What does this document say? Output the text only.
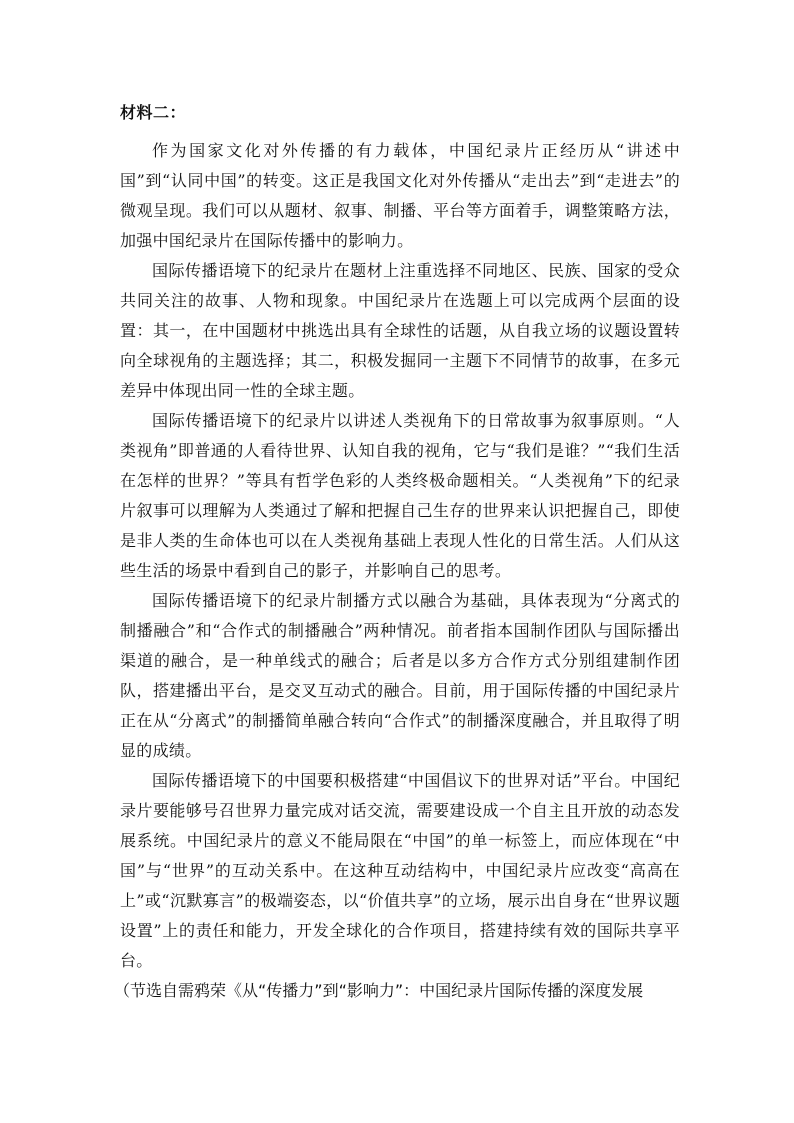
材料二：

作为国家文化对外传播的有力载体，中国纪录片正经历从“讲述中国”到“认同中国”的转变。这正是我国文化对外传播从“走出去”到“走进去”的微观呈现。我们可以从题材、叙事、制播、平台等方面着手，调整策略方法，加强中国纪录片在国际传播中的影响力。

国际传播语境下的纪录片在题材上注重选择不同地区、民族、国家的受众共同关注的故事、人物和现象。中国纪录片在选题上可以完成两个层面的设置：其一，在中国题材中挑选出具有全球性的话题，从自我立场的议题设置转向全球视角的主题选择；其二，积极发掘同一主题下不同情节的故事，在多元差异中体现出同一性的全球主题。

国际传播语境下的纪录片以讲述人类视角下的日常故事为叙事原则。“人类视角”即普通的人看待世界、认知自我的视角，它与“我们是谁？”“我们生活在怎样的世界？”等具有哲学色彩的人类终极命题相关。“人类视角”下的纪录片叙事可以理解为人类通过了解和把握自己生存的世界来认识把握自己，即使是非人类的生命体也可以在人类视角基础上表现人性化的日常生活。人们从这些生活的场景中看到自己的影子，并影响自己的思考。

国际传播语境下的纪录片制播方式以融合为基础，具体表现为“分离式的制播融合”和“合作式的制播融合”两种情况。前者指本国制作团队与国际播出渠道的融合，是一种单线式的融合；后者是以多方合作方式分别组建制作团队，搭建播出平台，是交叉互动式的融合。目前，用于国际传播的中国纪录片正在从“分离式”的制播简单融合转向“合作式”的制播深度融合，并且取得了明显的成绩。

国际传播语境下的中国要积极搭建“中国倡议下的世界对话”平台。中国纪录片要能够号召世界力量完成对话交流，需要建设成一个自主且开放的动态发展系统。中国纪录片的意义不能局限在“中国”的单一标签上，而应体现在“中国”与“世界”的互动关系中。在这种互动结构中，中国纪录片应改变“高高在上”或“沉默寡言”的极端姿态，以“价值共享”的立场，展示出自身在“世界议题设置”上的责任和能力，开发全球化的合作项目，搭建持续有效的国际共享平台。

（节选自需鸦荣《从“传播力”到“影响力”：中国纪录片国际传播的深度发展
